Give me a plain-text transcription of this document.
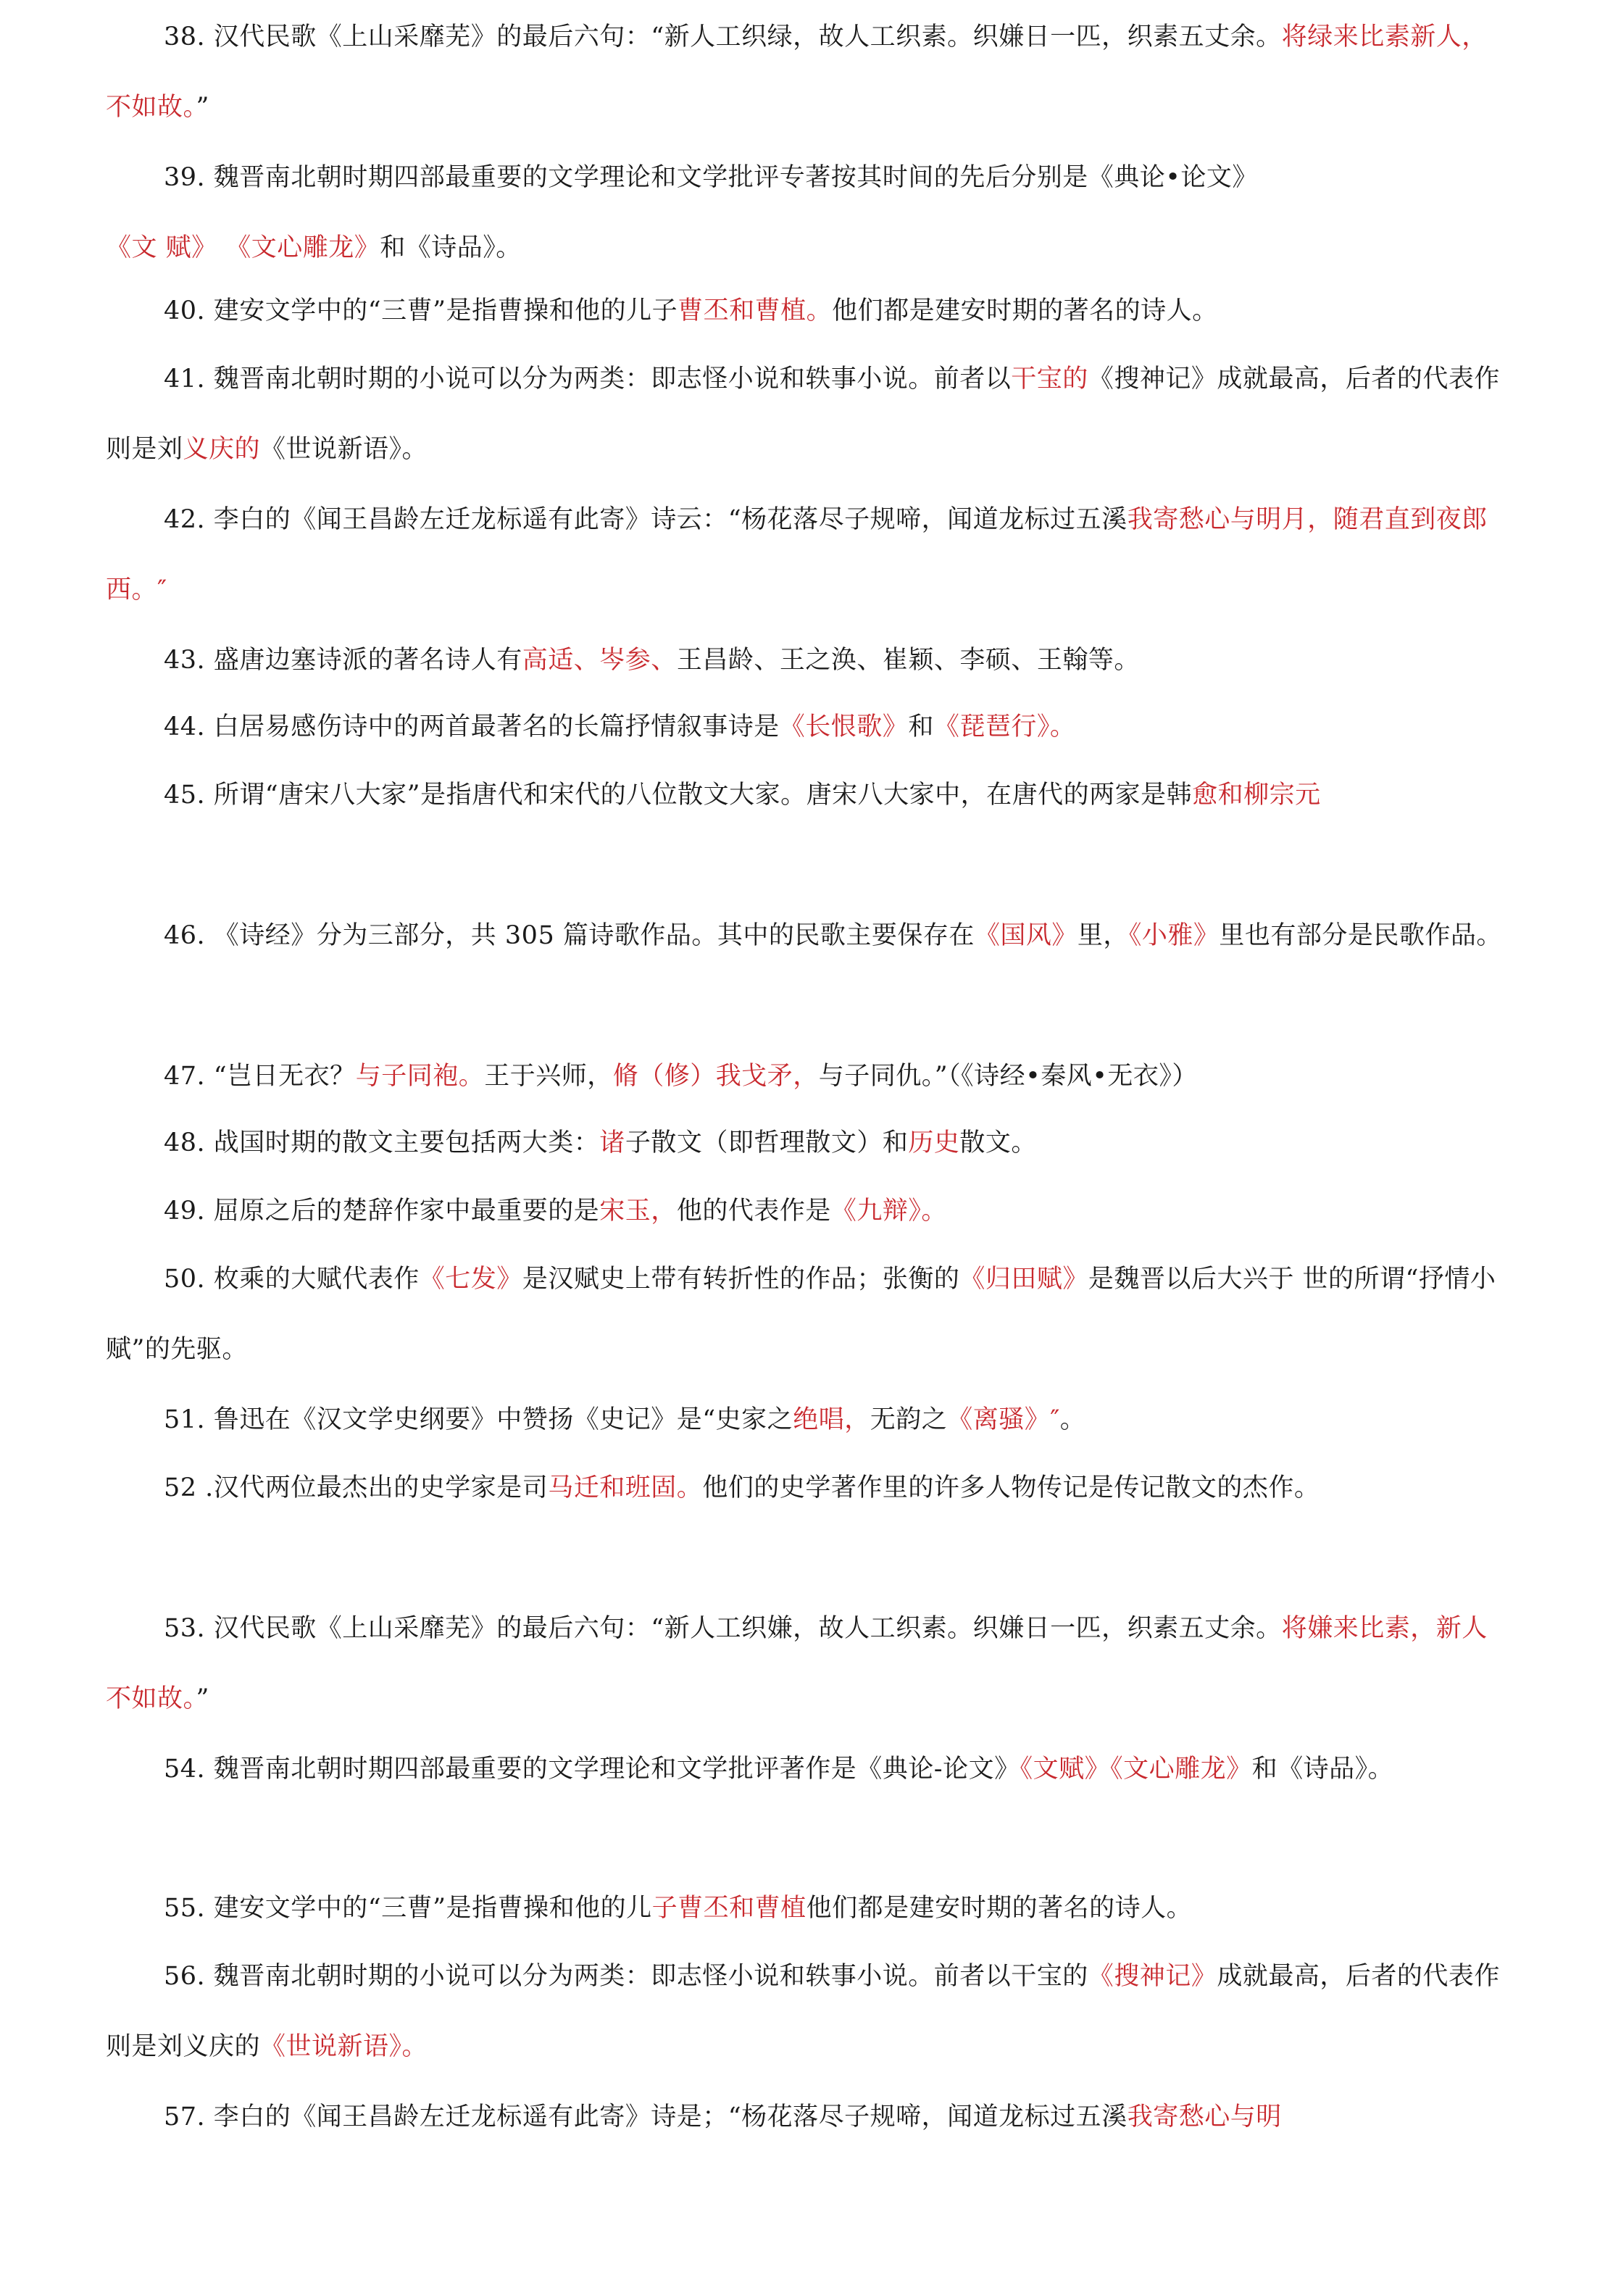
38. 汉代民歌《上山采靡芜》的最后六句：“新人工织绿，故人工织素。织嫌日一匹，织素五丈余。将绿来比素新人，不如故。”

39. 魏晋南北朝时期四部最重要的文学理论和文学批评专著按其时间的先后分别是《典论•论文》《文 赋》 《文心雕龙》和《诗品》。

40. 建安文学中的“三曹”是指曹操和他的儿子曹丕和曹植。他们都是建安时期的著名的诗人。

41. 魏晋南北朝时期的小说可以分为两类：即志怪小说和轶事小说。前者以干宝的《搜神记》成就最高，后者的代表作则是刘义庆的《世说新语》。

42. 李白的《闻王昌龄左迁龙标遥有此寄》诗云：“杨花落尽子规啼，闻道龙标过五溪我寄愁心与明月，随君直到夜郎西。″

43. 盛唐边塞诗派的著名诗人有高适、岑参、王昌龄、王之涣、崔颖、李硕、王翰等。

44. 白居易感伤诗中的两首最著名的长篇抒情叙事诗是《长恨歌》和《琵琶行》。

45. 所谓“唐宋八大家”是指唐代和宋代的八位散文大家。唐宋八大家中，在唐代的两家是韩愈和柳宗元

46. 《诗经》分为三部分，共 305 篇诗歌作品。其中的民歌主要保存在《国风》里，《小雅》里也有部分是民歌作品。

47. “岂日无衣？与子同袍。王于兴师，脩（修）我戈矛，与子同仇。”（《诗经•秦风•无衣》）

48. 战国时期的散文主要包括两大类：诸子散文（即哲理散文）和历史散文。

49. 屈原之后的楚辞作家中最重要的是宋玉，他的代表作是《九辩》。

50. 枚乘的大赋代表作《七发》是汉赋史上带有转折性的作品；张衡的《归田赋》是魏晋以后大兴于 世的所谓“抒情小赋”的先驱。

51. 鲁迅在《汉文学史纲要》中赞扬《史记》是“史家之绝唱，无韵之《离骚》″。

52 .汉代两位最杰出的史学家是司马迁和班固。他们的史学著作里的许多人物传记是传记散文的杰作。

53. 汉代民歌《上山采靡芜》的最后六句：“新人工织嫌，故人工织素。织嫌日一匹，织素五丈余。将嫌来比素，新人不如故。”

54. 魏晋南北朝时期四部最重要的文学理论和文学批评著作是《典论-论文》《文赋》《文心雕龙》和《诗品》。

55. 建安文学中的“三曹”是指曹操和他的儿子曹丕和曹植他们都是建安时期的著名的诗人。

56. 魏晋南北朝时期的小说可以分为两类：即志怪小说和轶事小说。前者以干宝的《搜神记》成就最高，后者的代表作则是刘义庆的《世说新语》。

57. 李白的《闻王昌龄左迁龙标遥有此寄》诗是；“杨花落尽子规啼，闻道龙标过五溪我寄愁心与明
